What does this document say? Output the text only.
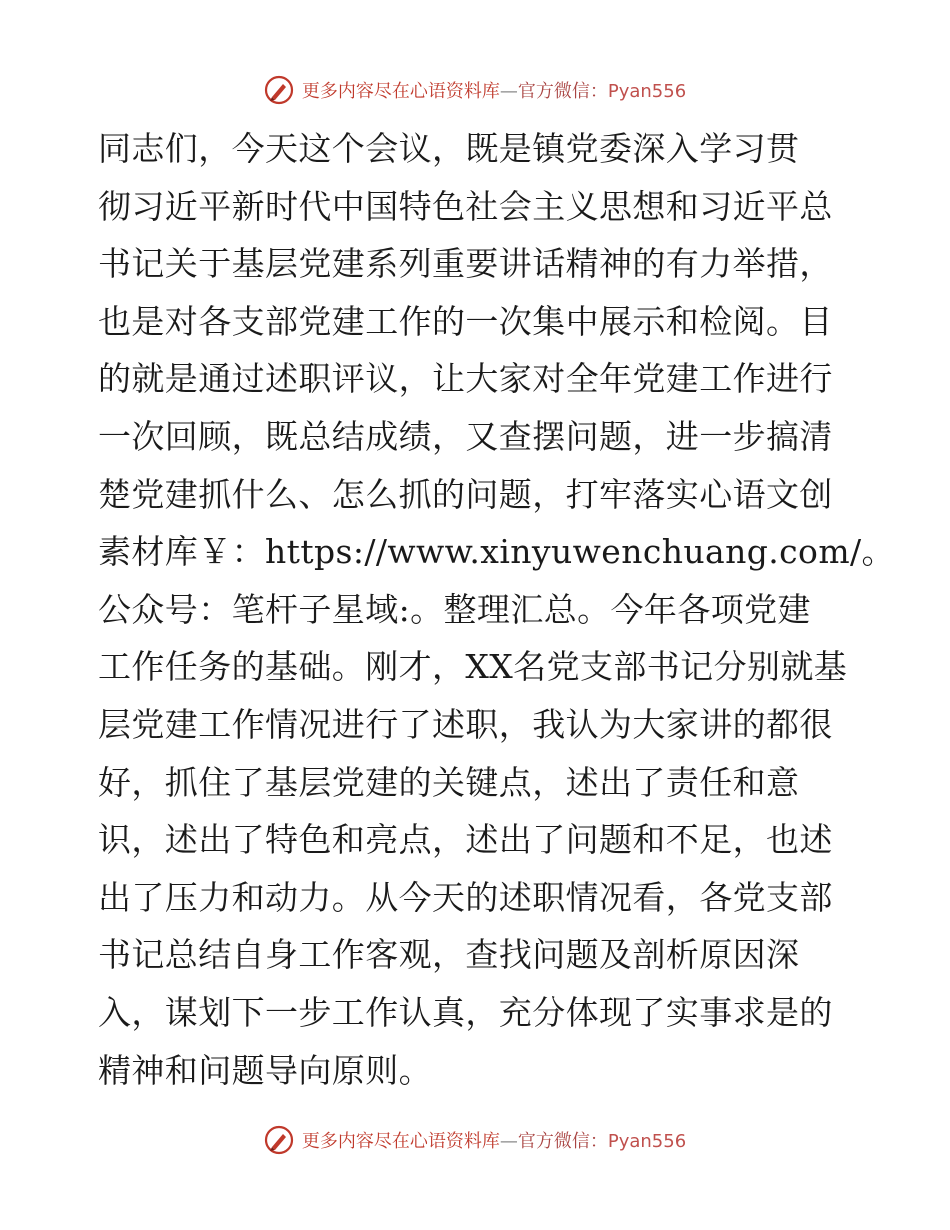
更多内容尽在心语资料库—官方微信：Pyan556
同志们，今天这个会议，既是镇党委深入学习贯
彻习近平新时代中国特色社会主义思想和习近平总
书记关于基层党建系列重要讲话精神的有力举措，
也是对各支部党建工作的一次集中展示和检阅。目
的就是通过述职评议，让大家对全年党建工作进行
一次回顾，既总结成绩，又查摆问题，进一步搞清
楚党建抓什么、怎么抓的问题，打牢落实心语文创
素材库￥：https://www.xinyuwenchuang.com/。
公众号：笔杆子星域:。整理汇总。今年各项党建
工作任务的基础。刚才，XX名党支部书记分别就基
层党建工作情况进行了述职，我认为大家讲的都很
好，抓住了基层党建的关键点，述出了责任和意
识，述出了特色和亮点，述出了问题和不足，也述
出了压力和动力。从今天的述职情况看，各党支部
书记总结自身工作客观，查找问题及剖析原因深
入，谋划下一步工作认真，充分体现了实事求是的
精神和问题导向原则。
更多内容尽在心语资料库—官方微信：Pyan556
